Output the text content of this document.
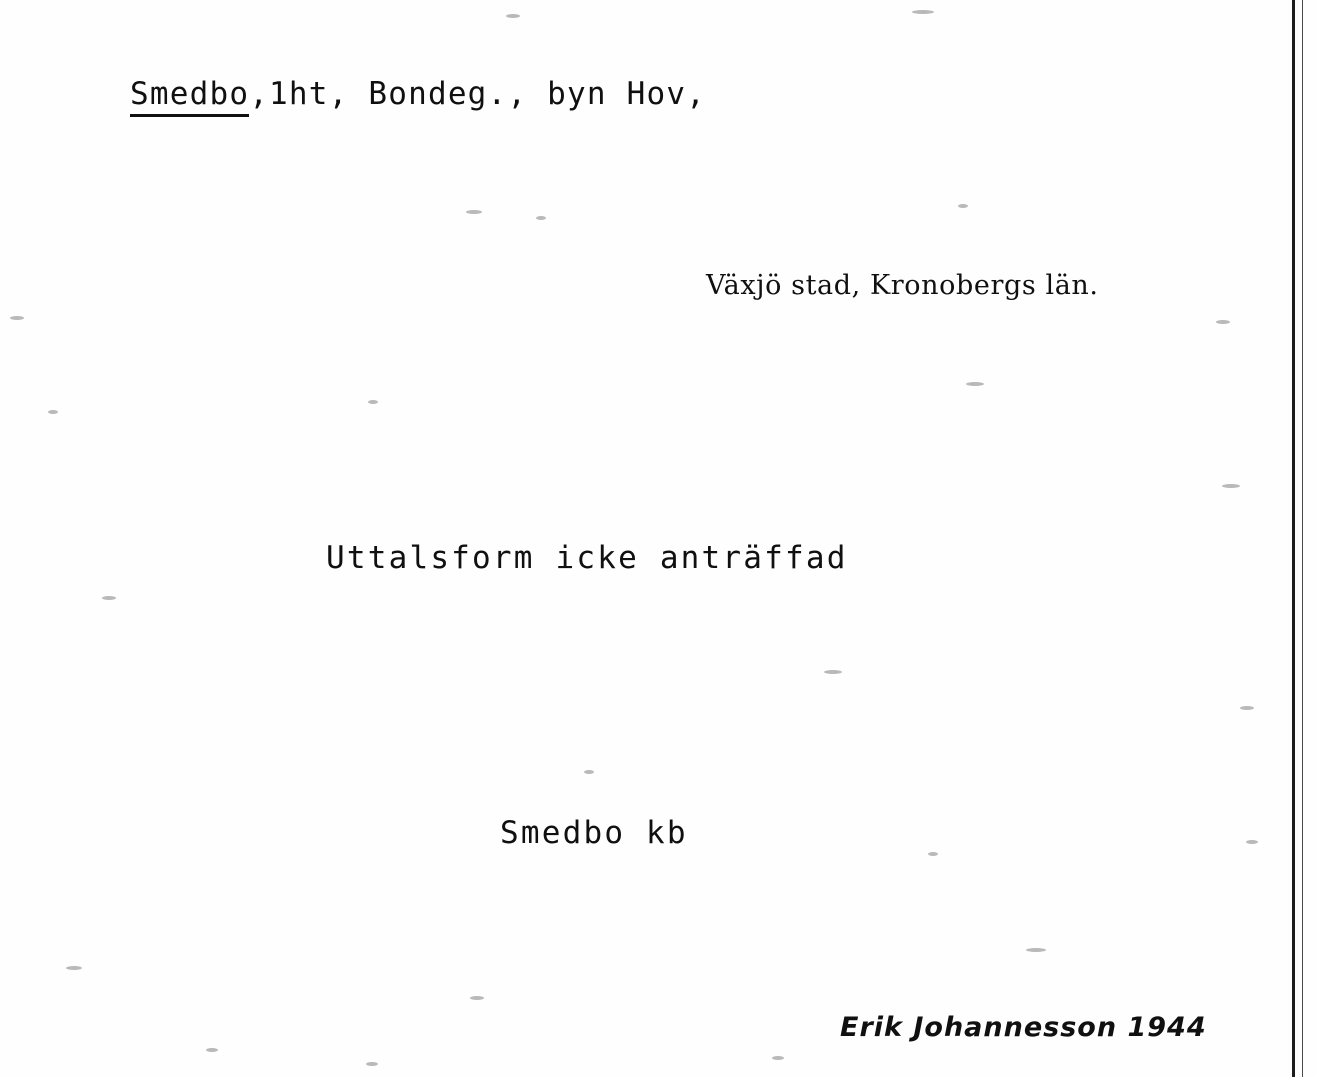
Smedbo,1ht, Bondeg., byn Hov,
Växjö stad, Kronobergs län.
Uttalsform icke anträffad
Smedbo kb
Erik Johannesson 1944
